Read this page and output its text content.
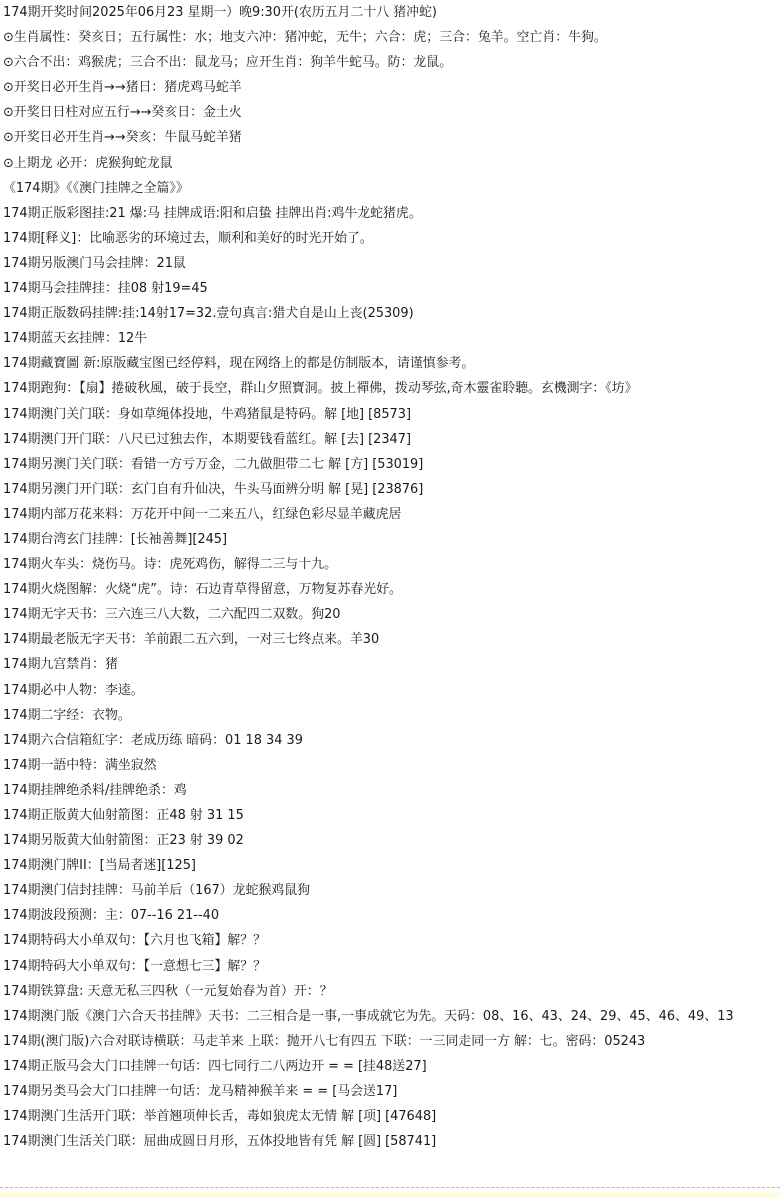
174期开奖时间2025年06月23 星期一）晚9:30开(农历五月二十八 猪冲蛇)
⊙生肖属性：癸亥日；五行属性：水；地支六冲：猪冲蛇，无牛；六合：虎；三合：兔羊。空亡肖：牛狗。
⊙六合不出：鸡猴虎；三合不出：鼠龙马；应开生肖：狗羊牛蛇马。防：龙鼠。
⊙开奖日必开生肖→→猪日：猪虎鸡马蛇羊
⊙开奖日日柱对应五行→→癸亥日：金土火
⊙开奖日必开生肖→→癸亥：牛鼠马蛇羊猪
⊙上期龙 必开：虎猴狗蛇龙鼠
《174期》《《澳门挂牌之全篇》》
174期正版彩图挂:21 爆:马 挂牌成语:阳和启蛰 挂牌出肖:鸡牛龙蛇猪虎。
174期[释义]：比喻恶劣的环境过去，顺利和美好的时光开始了。
174期另版澳门马会挂牌：21鼠
174期马会挂牌挂：挂08 射19=45
174期正版数码挂牌:挂:14射17=32.壹句真言:猎犬自是山上丧(25309)
174期蓝天玄挂牌：12牛
174期藏寶圖 新:原版藏宝图已经停料，现在网络上的都是仿制版本，请谨慎参考。
174期跑狗：【扇】捲破秋風，破于長空，群山夕照寶洞。披上禪佛，拨动琴弦,奇木靈雀聆聽。玄機測字：《坊》
174期澳门关门联：身如草绳体投地，牛鸡猪鼠是特码。解 [地] [8573]
174期澳门开门联：八尺已过独去作，本期要钱看蓝红。解 [去] [2347]
174期另澳门关门联：看错一方亏万金，二九做胆带二七 解 [方] [53019]
174期另澳门开门联：玄门自有升仙决，牛头马面辨分明 解 [晃] [23876]
174期内部万花来料：万花开中间一二来五八，红绿色彩尽显羊藏虎居
174期台湾玄门挂牌：[长袖善舞][245]
174期火车头：烧伤马。诗：虎死鸡伤，解得二三与十九。
174期火烧图解：火烧“虎”。诗：石边青草得留意，万物复苏春光好。
174期无字天书：三六连三八大数，二六配四二双数。狗20
174期最老版无字天书：羊前跟二五六到，一对三七终点来。羊30
174期九宫禁肖：猪
174期必中人物：李逵。
174期二字经：衣物。
174期六合信箱紅字：老成历练 暗码：01 18 34 39
174期一語中特：满坐寂然
174期挂牌绝杀料/挂牌绝杀：鸡
174期正版黄大仙射箭图：正48 射 31 15
174期另版黄大仙射箭图：正23 射 39 02
174期澳门牌II：[当局者迷][125]
174期澳门信封挂牌：马前羊后（167）龙蛇猴鸡鼠狗
174期波段预测：主：07--16 21--40
174期特码大小单双句：【六月也飞箱】解？？
174期特码大小单双句：【一意想七三】解？？
174期铁算盘: 天意无私三四秋（一元复始春为首）开：？
174期澳门版《澳门六合天书挂牌》天书：二三相合是一事,一事成就它为先。天码：08、16、43、24、29、45、46、49、13
174期(澳门版)六合对联诗横联：马走羊来 上联：抛开八七有四五 下联：一三同走同一方 解：七。密码：05243
174期正版马会大门口挂牌一句话：四七同行二八两边开 = = [挂48送27]
174期另类马会大门口挂牌一句话：龙马精神猴羊来 = = [马会送17]
174期澳门生活开门联：举首翘项伸长舌，毒如狼虎太无情 解 [项] [47648]
174期澳门生活关门联：屈曲成圆日月形，五体投地皆有凭 解 [圆] [58741]
